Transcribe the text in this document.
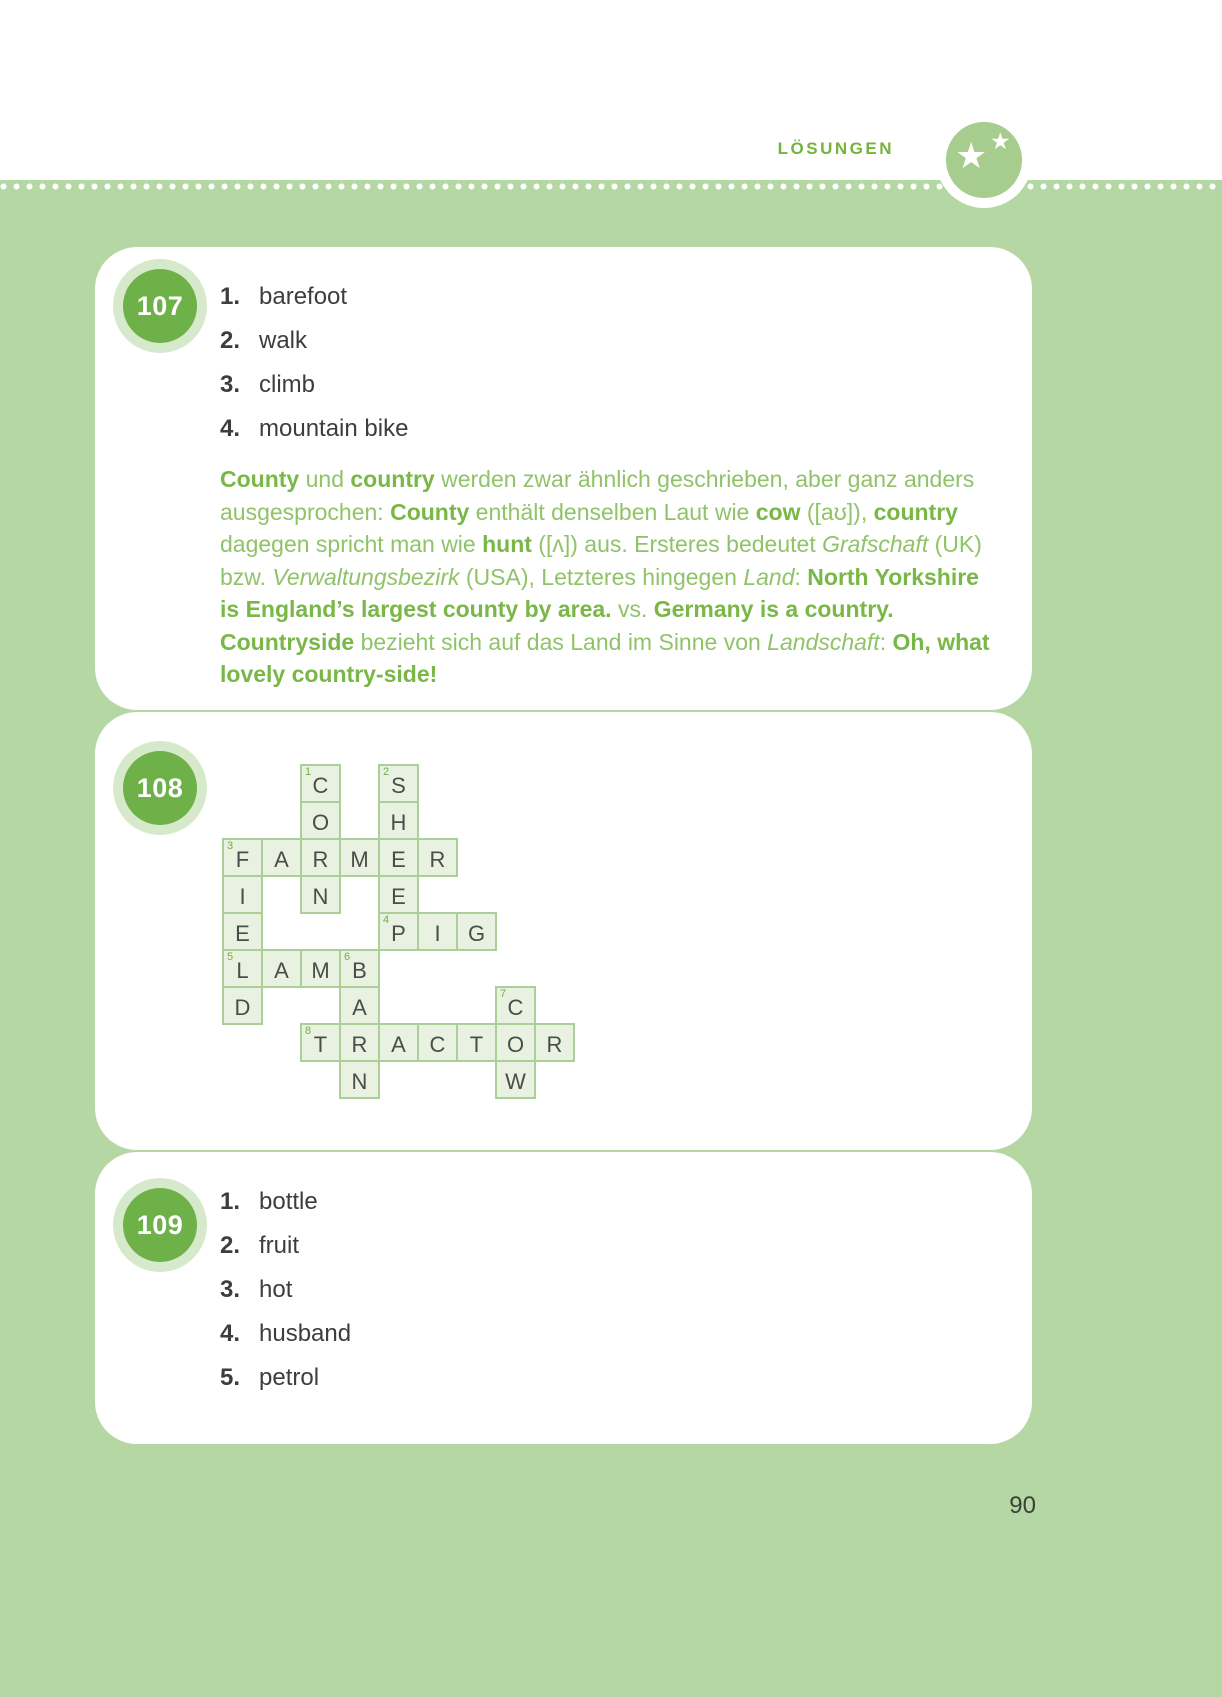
LÖSUNGEN ★ ★
107 1. barefoot
2. walk
3. climb
4. mountain bike

County und country werden zwar ähnlich geschrieben, aber ganz anders ausgesprochen: County enthält denselben Laut wie cow ([aʊ]), country dagegen spricht man wie hunt ([ʌ]) aus. Ersteres bedeutet Grafschaft (UK) bzw. Verwaltungsbezirk (USA), Letzteres hingegen Land: North Yorkshire is England’s largest county by area. vs. Germany is a country. Countryside bezieht sich auf das Land im Sinne von Landschaft: Oh, what lovely country-side!

108
1
C
2
S
O	H
3
F	A	R M	E	R
I	N	E
E
4
P	I	G
5
L	A	M
6
B
D	A
7
C
8
T	R	A	C	T	O	R
N	W
109
1. bottle
2. fruit
3. hot
4. husband
5. petrol
90
